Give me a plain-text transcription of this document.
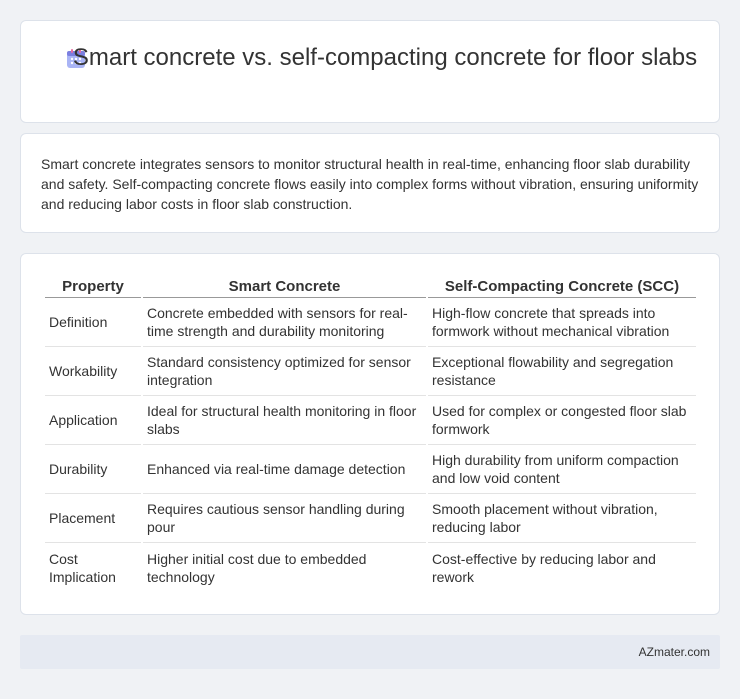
Smart concrete vs. self-compacting concrete for floor slabs

Smart concrete integrates sensors to monitor structural health in real-time, enhancing floor slab durability and safety. Self-compacting concrete flows easily into complex forms without vibration, ensuring uniformity and reducing labor costs in floor slab construction.

Property	Smart Concrete	Self-Compacting Concrete (SCC)
Definition	Concrete embedded with sensors for real-time strength and durability monitoring	High-flow concrete that spreads into formwork without mechanical vibration
Workability	Standard consistency optimized for sensor integration	Exceptional flowability and segregation resistance
Application	Ideal for structural health monitoring in floor slabs	Used for complex or congested floor slab formwork
Durability	Enhanced via real-time damage detection	High durability from uniform compaction and low void content
Placement	Requires cautious sensor handling during pour	Smooth placement without vibration, reducing labor
Cost Implication	Higher initial cost due to embedded technology	Cost-effective by reducing labor and rework
AZmater.com
